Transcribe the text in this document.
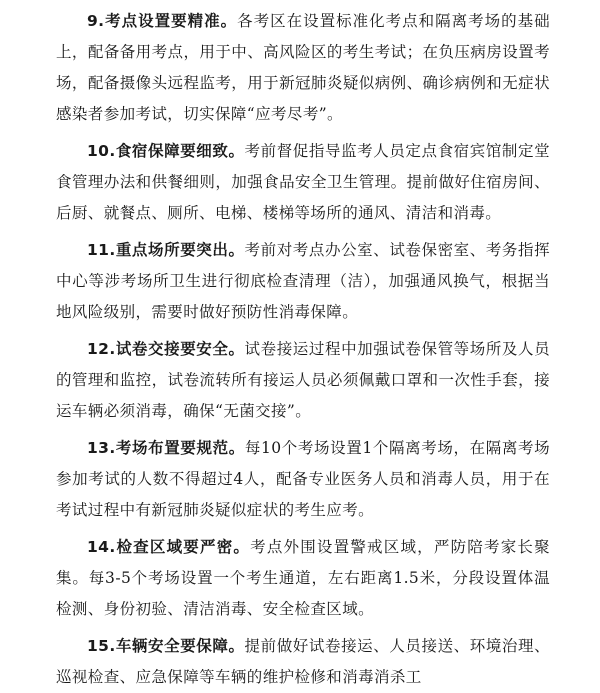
9.考点设置要精准。各考区在设置标准化考点和隔离考场的基础上，配备备用考点，用于中、高风险区的考生考试；在负压病房设置考场，配备摄像头远程监考，用于新冠肺炎疑似病例、确诊病例和无症状感染者参加考试，切实保障“应考尽考”。

10.食宿保障要细致。考前督促指导监考人员定点食宿宾馆制定堂食管理办法和供餐细则，加强食品安全卫生管理。提前做好住宿房间、后厨、就餐点、厕所、电梯、楼梯等场所的通风、清洁和消毒。

11.重点场所要突出。考前对考点办公室、试卷保密室、考务指挥中心等涉考场所卫生进行彻底检查清理（洁），加强通风换气，根据当地风险级别，需要时做好预防性消毒保障。

12.试卷交接要安全。试卷接运过程中加强试卷保管等场所及人员的管理和监控，试卷流转所有接运人员必须佩戴口罩和一次性手套，接运车辆必须消毒，确保“无菌交接”。

13.考场布置要规范。每10个考场设置1个隔离考场，在隔离考场参加考试的人数不得超过4人，配备专业医务人员和消毒人员，用于在考试过程中有新冠肺炎疑似症状的考生应考。

14.检查区域要严密。考点外围设置警戒区域，严防陪考家长聚集。每3-5个考场设置一个考生通道，左右距离1.5米，分段设置体温检测、身份初验、清洁消毒、安全检查区域。

15.车辆安全要保障。提前做好试卷接运、人员接送、环境治理、巡视检查、应急保障等车辆的维护检修和消毒消杀工
